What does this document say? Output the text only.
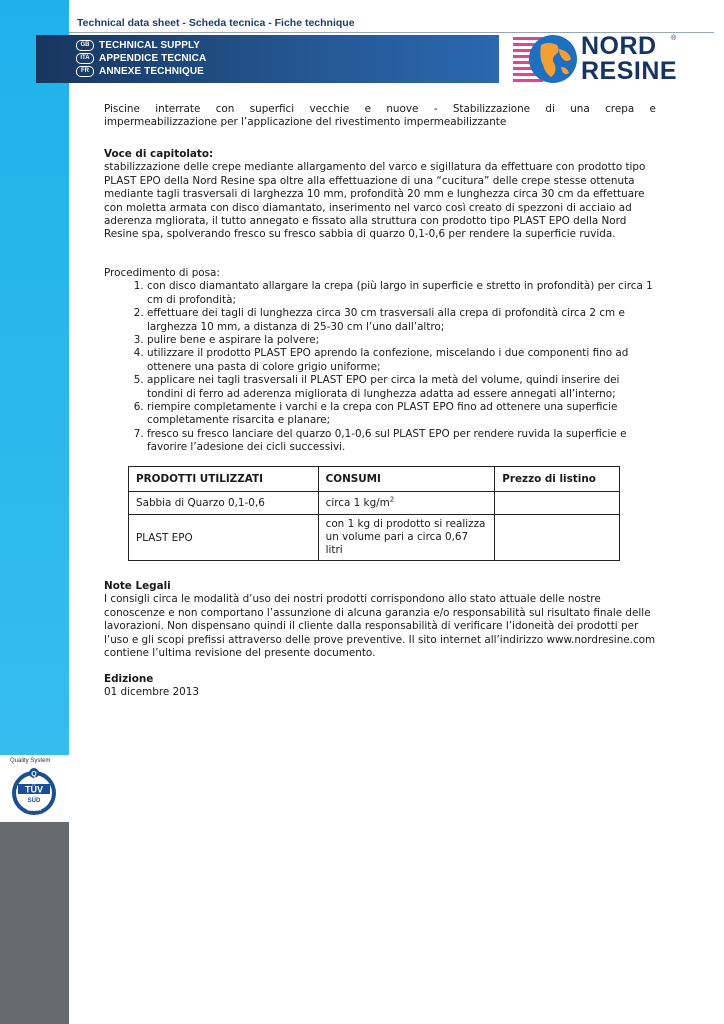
Quality System
Q
TÜV
SÜD
ISO 9001
Technical data sheet - Scheda tecnica - Fiche technique
GB TECHNICAL SUPPLY
ITA APPENDICE TECNICA
FR	ANNEXE TECHNIQUE
NORD ®
RESINE
Piscine interrate con superfici vecchie e nuove - Stabilizzazione di una crepa e
impermeabilizzazione per l’applicazione del rivestimento impermeabilizzante
Voce di capitolato:
stabilizzazione delle crepe mediante allargamento del varco e sigillatura da effettuare con prodotto tipo PLAST EPO della Nord Resine spa oltre alla effettuazione di una “cucitura” delle crepe stesse ottenuta mediante tagli trasversali di larghezza 10 mm, profondità 20 mm e lunghezza circa 30 cm da effettuare con moletta armata con disco diamantato, inserimento nel varco così creato di spezzoni di acciaio ad aderenza mgliorata, il tutto annegato e fissato alla struttura con prodotto tipo PLAST EPO della Nord Resine spa, spolverando fresco su fresco sabbia di quarzo 0,1-0,6 per rendere la superficie ruvida.
Procedimento di posa:
1. con disco diamantato allargare la crepa (più largo in superficie e stretto in profondità) per circa 1 cm di profondità;
2. effettuare dei tagli di lunghezza circa 30 cm trasversali alla crepa di profondità circa 2 cm e larghezza 10 mm, a distanza di 25-30 cm l’uno dall’altro;
3. pulire bene e aspirare la polvere;
4. utilizzare il prodotto PLAST EPO aprendo la confezione, miscelando i due componenti fino ad ottenere una pasta di colore grigio uniforme;
5. applicare nei tagli trasversali il PLAST EPO per circa la metà del volume, quindi inserire dei tondini di ferro ad aderenza migliorata di lunghezza adatta ad essere annegati all’interno;
6. riempire completamente i varchi e la crepa con PLAST EPO fino ad ottenere una superficie completamente risarcita e planare;
7. fresco su fresco lanciare del quarzo 0,1-0,6 sul PLAST EPO per rendere ruvida la superficie e favorire l’adesione dei cicli successivi.
PRODOTTI UTILIZZATI	CONSUMI	Prezzo di listino
Sabbia di Quarzo 0,1-0,6	circa 1 $kg/m^2$	
PLAST EPO	con 1 kg di prodotto si realizza un volume pari a circa 0,67 litri	
Note Legali
I consigli circa le modalità d’uso dei nostri prodotti corrispondono allo stato attuale delle nostre conoscenze e non comportano l’assunzione di alcuna garanzia e/o responsabilità sul risultato finale delle lavorazioni. Non dispensano quindi il cliente dalla responsabilità di verificare l’idoneità dei prodotti per l’uso e gli scopi prefissi attraverso delle prove preventive. Il sito internet all’indirizzo www.nordresine.com contiene l’ultima revisione del presente documento.
Edizione
01 dicembre 2013
